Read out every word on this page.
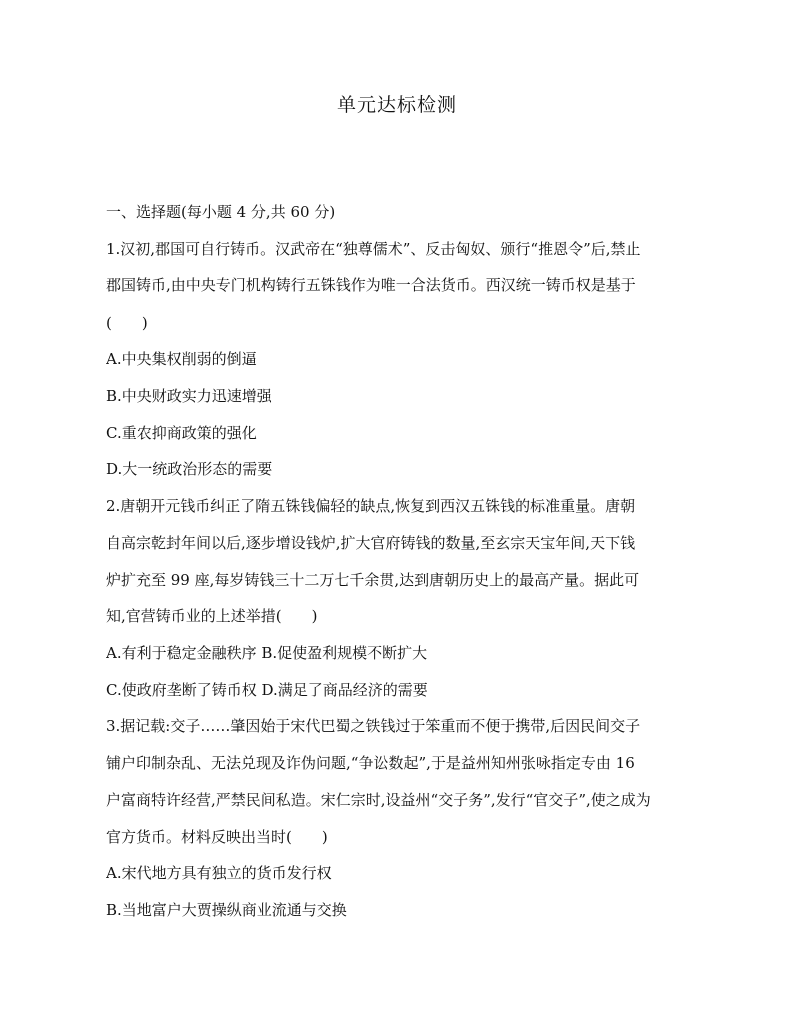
单元达标检测
一、选择题(每小题 4 分,共 60 分)
1.汉初,郡国可自行铸币。汉武帝在“独尊儒术”、反击匈奴、颁行“推恩令”后,禁止
郡国铸币,由中央专门机构铸行五铢钱作为唯一合法货币。西汉统一铸币权是基于
(　　)
A.中央集权削弱的倒逼
B.中央财政实力迅速增强
C.重农抑商政策的强化
D.大一统政治形态的需要
2.唐朝开元钱币纠正了隋五铢钱偏轻的缺点,恢复到西汉五铢钱的标准重量。唐朝
自高宗乾封年间以后,逐步增设钱炉,扩大官府铸钱的数量,至玄宗天宝年间,天下钱
炉扩充至 99 座,每岁铸钱三十二万七千余贯,达到唐朝历史上的最高产量。据此可
知,官营铸币业的上述举措(　　)
A.有利于稳定金融秩序 B.促使盈利规模不断扩大
C.使政府垄断了铸币权 D.满足了商品经济的需要
3.据记载:交子……肇因始于宋代巴蜀之铁钱过于笨重而不便于携带,后因民间交子
铺户印制杂乱、无法兑现及诈伪问题,“争讼数起”,于是益州知州张咏指定专由 16
户富商特许经营,严禁民间私造。宋仁宗时,设益州“交子务”,发行“官交子”,使之成为
官方货币。材料反映出当时(　　)
A.宋代地方具有独立的货币发行权
B.当地富户大贾操纵商业流通与交换
